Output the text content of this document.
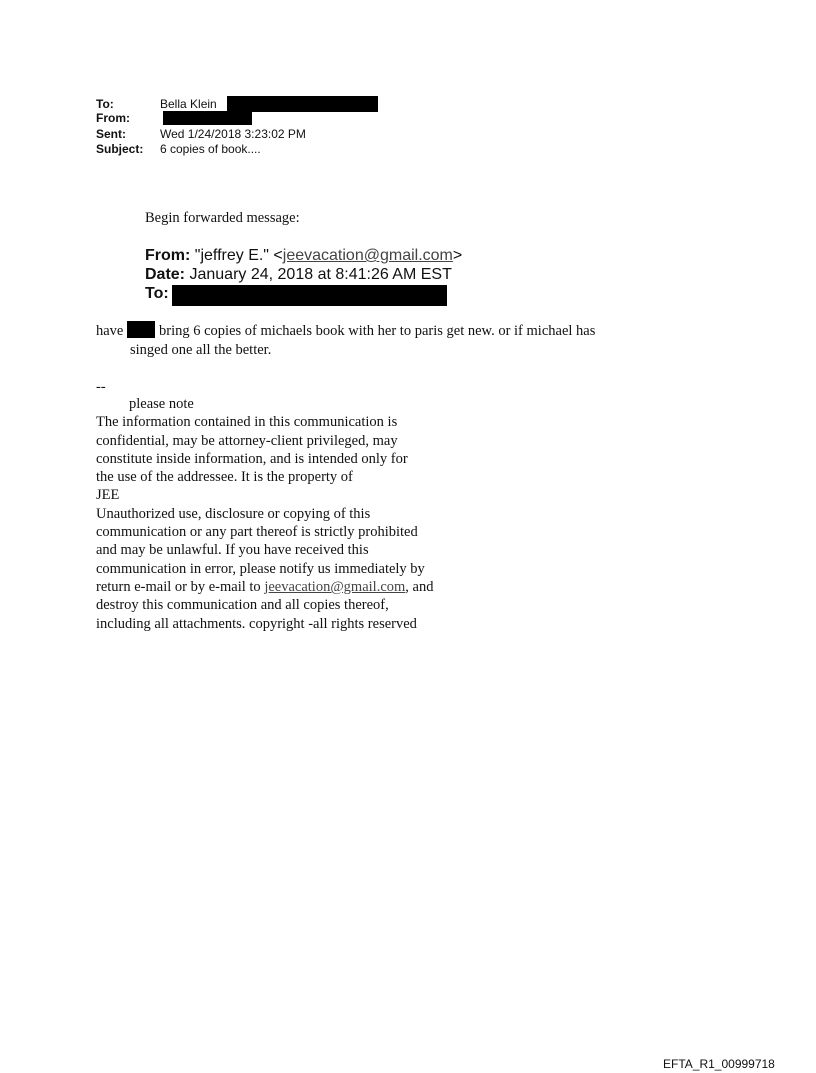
To:	Bella Klein
From:
Sent:	Wed 1/24/2018 3:23:02 PM
Subject: 6 copies of book....
Begin forwarded message:
From: "jeffrey E." <jeevacation@gmail.com>
Date: January 24, 2018 at 8:41:26 AM EST
To:
have bring 6 copies of michaels book with her to paris get new. or if michael has
singed one all the better.
--
please note
The information contained in this communication is
confidential, may be attorney-client privileged, may
constitute inside information, and is intended only for
the use of the addressee. It is the property of
JEE
Unauthorized use, disclosure or copying of this
communication or any part thereof is strictly prohibited
and may be unlawful. If you have received this
communication in error, please notify us immediately by
return e-mail or by e-mail to jeevacation@gmail.com, and
destroy this communication and all copies thereof,
including all attachments. copyright -all rights reserved
EFTA_R1_00999718
